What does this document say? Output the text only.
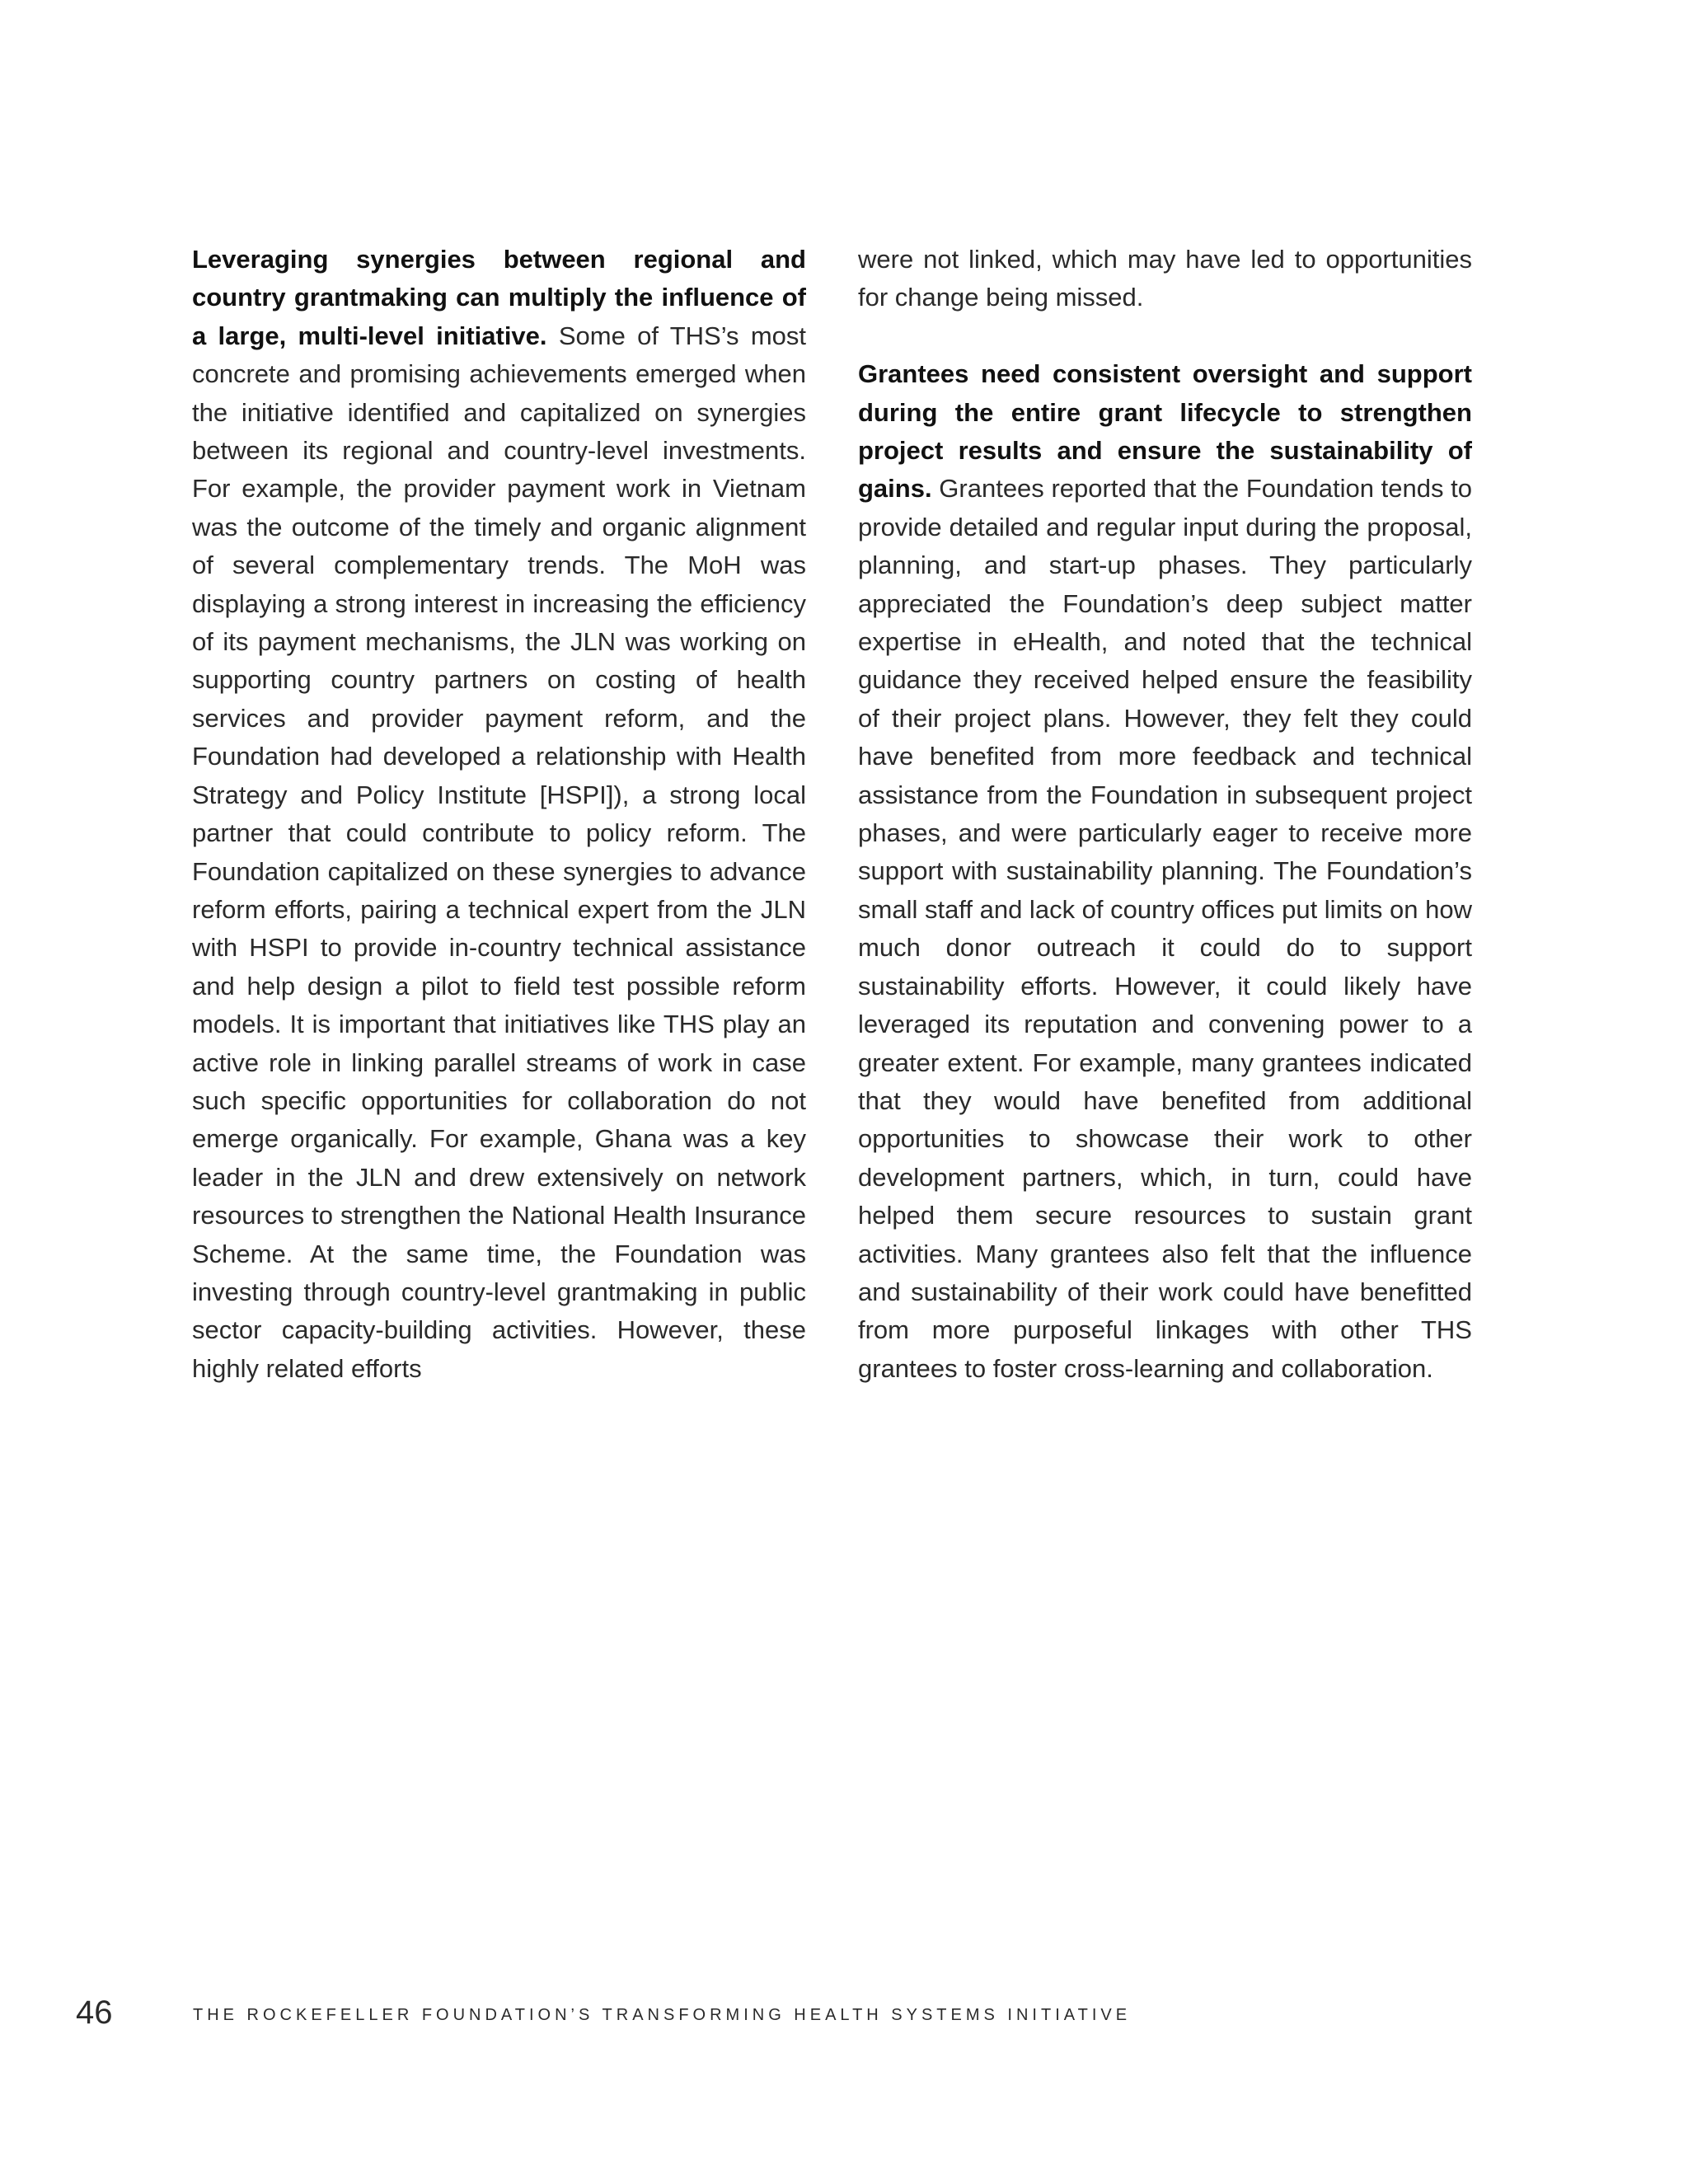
Leveraging synergies between regional and country grantmaking can multiply the influence of a large, multi-level initiative. Some of THS’s most concrete and promising achievements emerged when the initiative identified and capitalized on synergies between its regional and country-level investments. For example, the provider payment work in Vietnam was the outcome of the timely and organic alignment of several complementary trends. The MoH was displaying a strong interest in increasing the efficiency of its payment mechanisms, the JLN was working on supporting country partners on costing of health services and provider payment reform, and the Foundation had developed a relationship with Health Strategy and Policy Institute [HSPI]), a strong local partner that could contribute to policy reform. The Foundation capitalized on these synergies to advance reform efforts, pairing a technical expert from the JLN with HSPI to provide in-country technical assistance and help design a pilot to field test possible reform models. It is important that initiatives like THS play an active role in linking parallel streams of work in case such specific opportunities for collaboration do not emerge organically. For example, Ghana was a key leader in the JLN and drew extensively on network resources to strengthen the National Health Insurance Scheme. At the same time, the Foundation was investing through country-level grantmaking in public sector capacity-building activities. However, these highly related efforts

were not linked, which may have led to opportunities for change being missed.

Grantees need consistent oversight and support during the entire grant lifecycle to strengthen project results and ensure the sustainability of gains. Grantees reported that the Foundation tends to provide detailed and regular input during the proposal, planning, and start-up phases. They particularly appreciated the Foundation’s deep subject matter expertise in eHealth, and noted that the technical guidance they received helped ensure the feasibility of their project plans. However, they felt they could have benefited from more feedback and technical assistance from the Foundation in subsequent project phases, and were particularly eager to receive more support with sustainability planning. The Foundation’s small staff and lack of country offices put limits on how much donor outreach it could do to support sustainability efforts. However, it could likely have leveraged its reputation and convening power to a greater extent. For example, many grantees indicated that they would have benefited from additional opportunities to showcase their work to other development partners, which, in turn, could have helped them secure resources to sustain grant activities. Many grantees also felt that the influence and sustainability of their work could have benefitted from more purposeful linkages with other THS grantees to foster cross-learning and collaboration.

46	THE ROCKEFELLER FOUNDATION’S TRANSFORMING HEALTH SYSTEMS INITIATIVE
